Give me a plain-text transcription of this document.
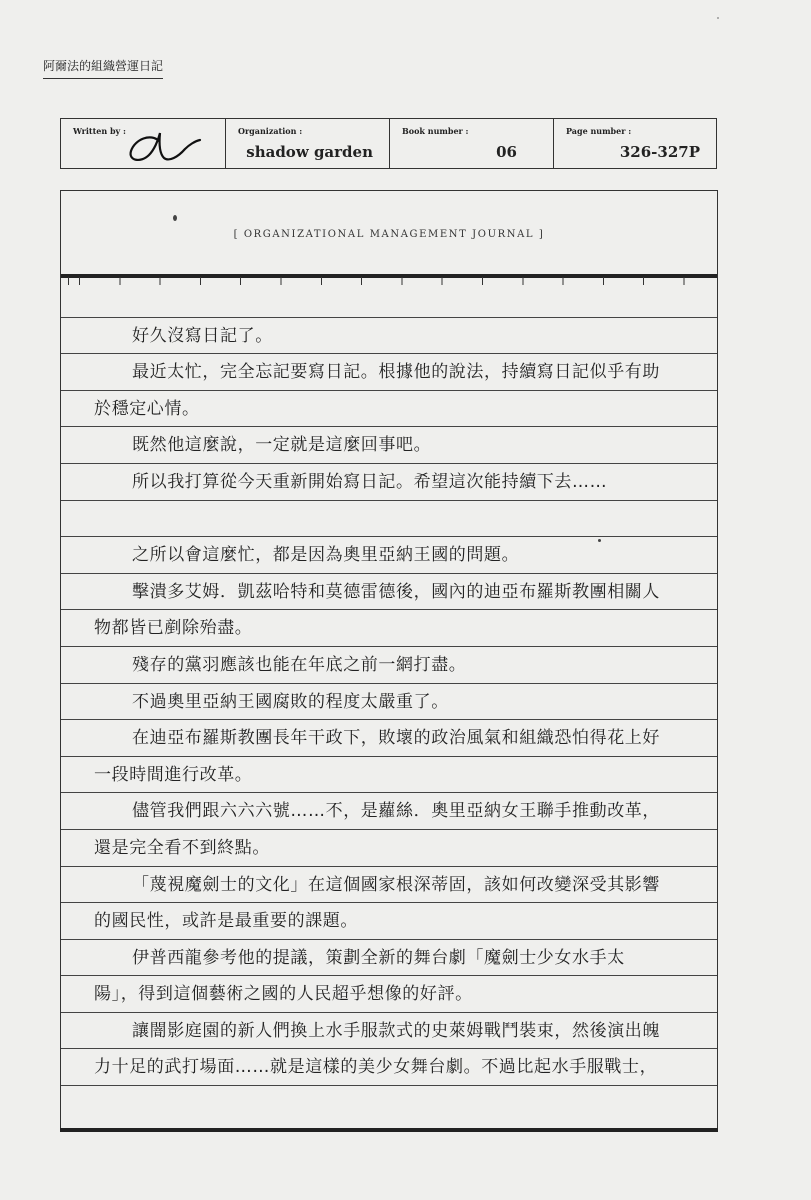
阿爾法的組織營運日記
Written by :	Organization :
shadow garden
Book number :
06
Page number :
326-327P
[ ORGANIZATIONAL MANAGEMENT JOURNAL ]
好久沒寫日記了。
最近太忙，完全忘記要寫日記。根據他的說法，持續寫日記似乎有助
於穩定心情。
既然他這麼說，一定就是這麼回事吧。
所以我打算從今天重新開始寫日記。希望這次能持續下去……
之所以會這麼忙，都是因為奧里亞納王國的問題。
擊潰多艾姆．凱茲哈特和莫德雷德後，國內的迪亞布羅斯教團相關人
物都皆已剷除殆盡。
殘存的黨羽應該也能在年底之前一網打盡。
不過奧里亞納王國腐敗的程度太嚴重了。
在迪亞布羅斯教團長年干政下，敗壞的政治風氣和組織恐怕得花上好
一段時間進行改革。
儘管我們跟六六六號……不，是蘿絲．奧里亞納女王聯手推動改革，
還是完全看不到終點。
「蔑視魔劍士的文化」在這個國家根深蒂固，該如何改變深受其影響
的國民性，或許是最重要的課題。
伊普西龍參考他的提議，策劃全新的舞台劇「魔劍士少女水手太
陽」，得到這個藝術之國的人民超乎想像的好評。
讓闇影庭園的新人們換上水手服款式的史萊姆戰鬥裝束，然後演出魄
力十足的武打場面……就是這樣的美少女舞台劇。不過比起水手服戰士，
